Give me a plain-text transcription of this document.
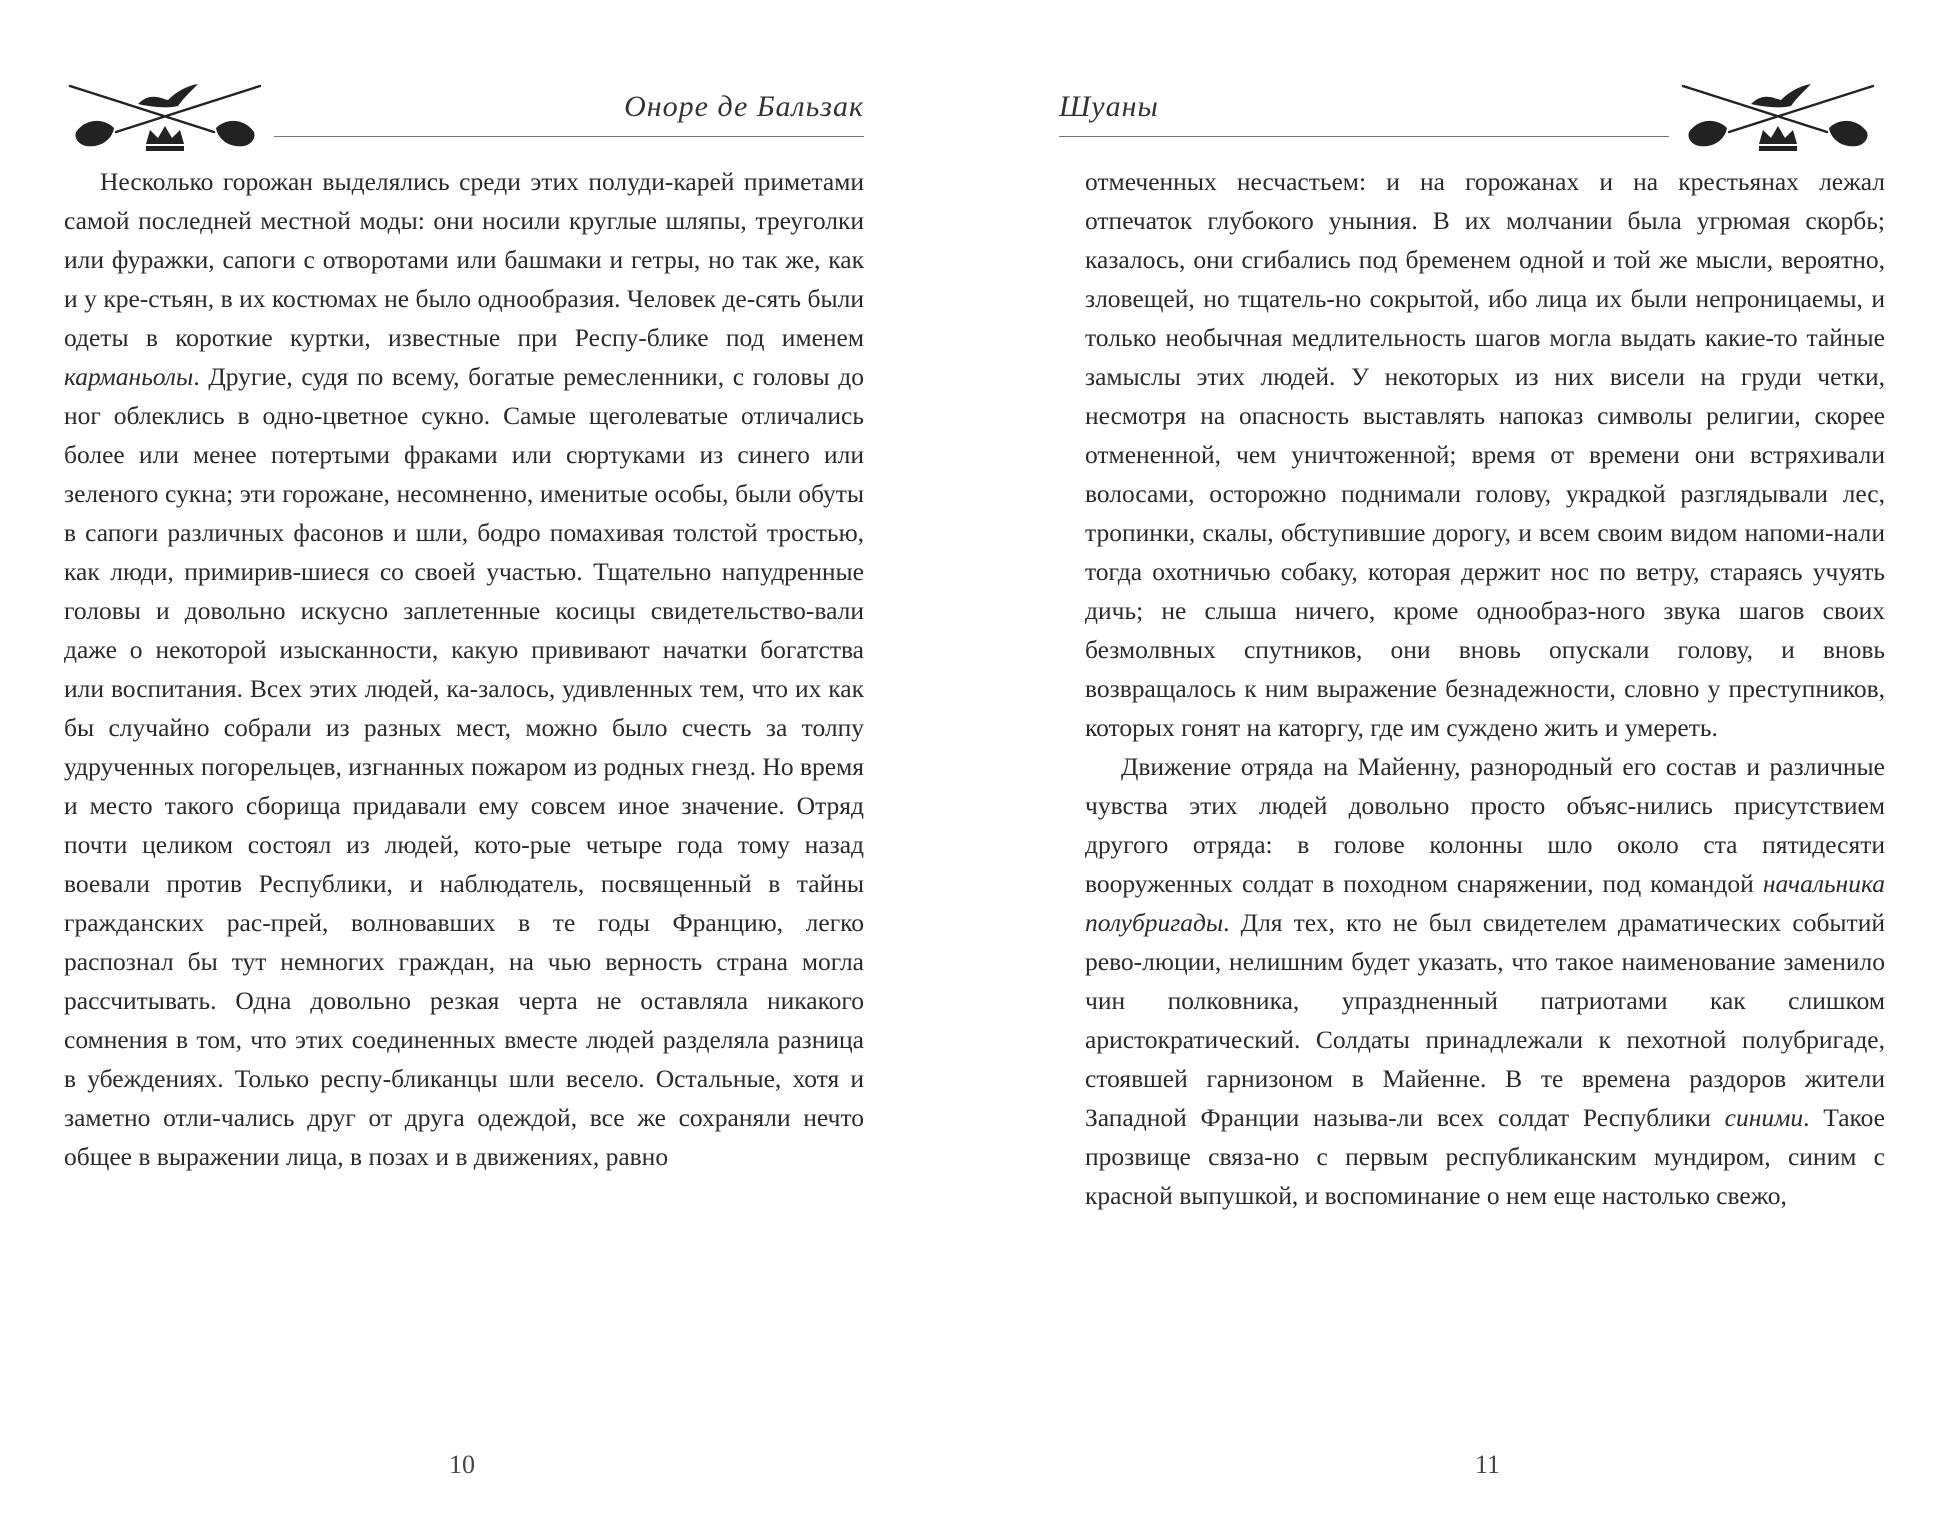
Оноре де Бальзак

Несколько горожан выделялись среди этих полуди-карей приметами самой последней местной моды: они носили круглые шляпы, треуголки или фуражки, сапоги с отворотами или башмаки и гетры, но так же, как и у кре-стьян, в их костюмах не было однообразия. Человек де-сять были одеты в короткие куртки, известные при Респу-блике под именем карманьолы. Другие, судя по всему, богатые ремесленники, с головы до ног облеклись в одно-цветное сукно. Самые щеголеватые отличались более или менее потертыми фраками или сюртуками из синего или зеленого сукна; эти горожане, несомненно, именитые особы, были обуты в сапоги различных фасонов и шли, бодро помахивая толстой тростью, как люди, примирив-шиеся со своей участью. Тщательно напудренные головы и довольно искусно заплетенные косицы свидетельство-вали даже о некоторой изысканности, какую прививают начатки богатства или воспитания. Всех этих людей, ка-залось, удивленных тем, что их как бы случайно собрали из разных мест, можно было счесть за толпу удрученных погорельцев, изгнанных пожаром из родных гнезд. Но время и место такого сборища придавали ему совсем иное значение. Отряд почти целиком состоял из людей, кото-рые четыре года тому назад воевали против Республики, и наблюдатель, посвященный в тайны гражданских рас-прей, волновавших в те годы Францию, легко распознал бы тут немногих граждан, на чью верность страна могла рассчитывать. Одна довольно резкая черта не оставляла никакого сомнения в том, что этих соединенных вместе людей разделяла разница в убеждениях. Только респу-бликанцы шли весело. Остальные, хотя и заметно отли-чались друг от друга одеждой, все же сохраняли нечто общее в выражении лица, в позах и в движениях, равно

10
Шуаны

отмеченных несчастьем: и на горожанах и на крестьянах лежал отпечаток глубокого уныния. В их молчании была угрюмая скорбь; казалось, они сгибались под бременем одной и той же мысли, вероятно, зловещей, но тщатель-но сокрытой, ибо лица их были непроницаемы, и только необычная медлительность шагов могла выдать какие-то тайные замыслы этих людей. У некоторых из них висели на груди четки, несмотря на опасность выставлять напоказ символы религии, скорее отмененной, чем уничтоженной; время от времени они встряхивали волосами, осторожно поднимали голову, украдкой разглядывали лес, тропинки, скалы, обступившие дорогу, и всем своим видом напоми-нали тогда охотничью собаку, которая держит нос по ветру, стараясь учуять дичь; не слыша ничего, кроме однообраз-ного звука шагов своих безмолвных спутников, они вновь опускали голову, и вновь возвращалось к ним выражение безнадежности, словно у преступников, которых гонят на каторгу, где им суждено жить и умереть.

Движение отряда на Майенну, разнородный его состав и различные чувства этих людей довольно просто объяс-нились присутствием другого отряда: в голове колонны шло около ста пятидесяти вооруженных солдат в походном снаряжении, под командой начальника полубригады. Для тех, кто не был свидетелем драматических событий рево-люции, нелишним будет указать, что такое наименование заменило чин полковника, упраздненный патриотами как слишком аристократический. Солдаты принадлежали к пехотной полубригаде, стоявшей гарнизоном в Майенне. В те времена раздоров жители Западной Франции называ-ли всех солдат Республики синими. Такое прозвище связа-но с первым республиканским мундиром, синим с красной выпушкой, и воспоминание о нем еще настолько свежо,

11
